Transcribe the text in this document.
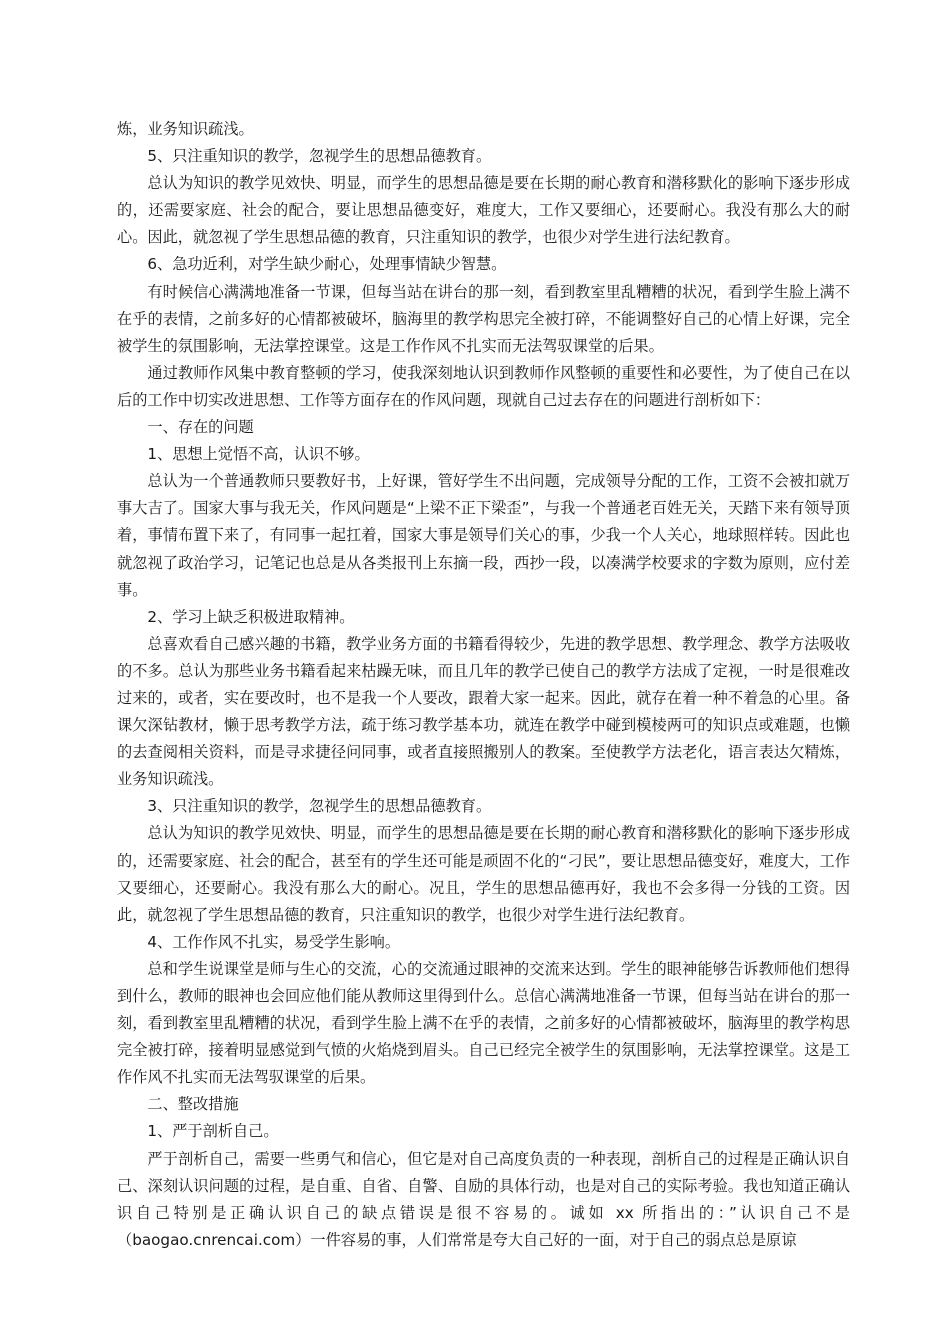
炼，业务知识疏浅。

5、只注重知识的教学，忽视学生的思想品德教育。

总认为知识的教学见效快、明显，而学生的思想品德是要在长期的耐心教育和潜移默化的影响下逐步形成的，还需要家庭、社会的配合，要让思想品德变好，难度大，工作又要细心，还要耐心。我没有那么大的耐心。因此，就忽视了学生思想品德的教育，只注重知识的教学，也很少对学生进行法纪教育。

6、急功近利，对学生缺少耐心，处理事情缺少智慧。

有时候信心满满地准备一节课，但每当站在讲台的那一刻，看到教室里乱糟糟的状况，看到学生脸上满不在乎的表情，之前多好的心情都被破坏，脑海里的教学构思完全被打碎，不能调整好自己的心情上好课，完全被学生的氛围影响，无法掌控课堂。这是工作作风不扎实而无法驾驭课堂的后果。

通过教师作风集中教育整顿的学习，使我深刻地认识到教师作风整顿的重要性和必要性，为了使自己在以后的工作中切实改进思想、工作等方面存在的作风问题，现就自己过去存在的问题进行剖析如下：

一、存在的问题

1、思想上觉悟不高，认识不够。

总认为一个普通教师只要教好书，上好课，管好学生不出问题，完成领导分配的工作，工资不会被扣就万事大吉了。国家大事与我无关，作风问题是“上梁不正下梁歪”，与我一个普通老百姓无关，天踏下来有领导顶着，事情布置下来了，有同事一起扛着，国家大事是领导们关心的事，少我一个人关心，地球照样转。因此也就忽视了政治学习，记笔记也总是从各类报刊上东摘一段，西抄一段，以凑满学校要求的字数为原则，应付差事。

2、学习上缺乏积极进取精神。

总喜欢看自己感兴趣的书籍，教学业务方面的书籍看得较少，先进的教学思想、教学理念、教学方法吸收的不多。总认为那些业务书籍看起来枯躁无味，而且几年的教学已使自己的教学方法成了定视，一时是很难改过来的，或者，实在要改时，也不是我一个人要改，跟着大家一起来。因此，就存在着一种不着急的心里。备课欠深钻教材，懒于思考教学方法，疏于练习教学基本功，就连在教学中碰到模棱两可的知识点或难题，也懒的去查阅相关资料，而是寻求捷径问同事，或者直接照搬别人的教案。至使教学方法老化，语言表达欠精炼，业务知识疏浅。

3、只注重知识的教学，忽视学生的思想品德教育。

总认为知识的教学见效快、明显，而学生的思想品德是要在长期的耐心教育和潜移默化的影响下逐步形成的，还需要家庭、社会的配合，甚至有的学生还可能是顽固不化的“刁民”，要让思想品德变好，难度大，工作又要细心，还要耐心。我没有那么大的耐心。况且，学生的思想品德再好，我也不会多得一分钱的工资。因此，就忽视了学生思想品德的教育，只注重知识的教学，也很少对学生进行法纪教育。

4、工作作风不扎实，易受学生影响。

总和学生说课堂是师与生心的交流，心的交流通过眼神的交流来达到。学生的眼神能够告诉教师他们想得到什么，教师的眼神也会回应他们能从教师这里得到什么。总信心满满地准备一节课，但每当站在讲台的那一刻，看到教室里乱糟糟的状况，看到学生脸上满不在乎的表情，之前多好的心情都被破坏，脑海里的教学构思完全被打碎，接着明显感觉到气愤的火焰烧到眉头。自己已经完全被学生的氛围影响，无法掌控课堂。这是工作作风不扎实而无法驾驭课堂的后果。

二、整改措施

1、严于剖析自己。

严于剖析自己，需要一些勇气和信心，但它是对自己高度负责的一种表现，剖析自己的过程是正确认识自己、深刻认识问题的过程，是自重、自省、自警、自励的具体行动，也是对自己的实际考验。我也知道正确认识自己特别是正确认识自己的缺点错误是很不容易的。诚如 xx 所指出的：”认识自己不是（baogao.cnrencai.com）一件容易的事，人们常常是夸大自己好的一面，对于自己的弱点总是原谅
